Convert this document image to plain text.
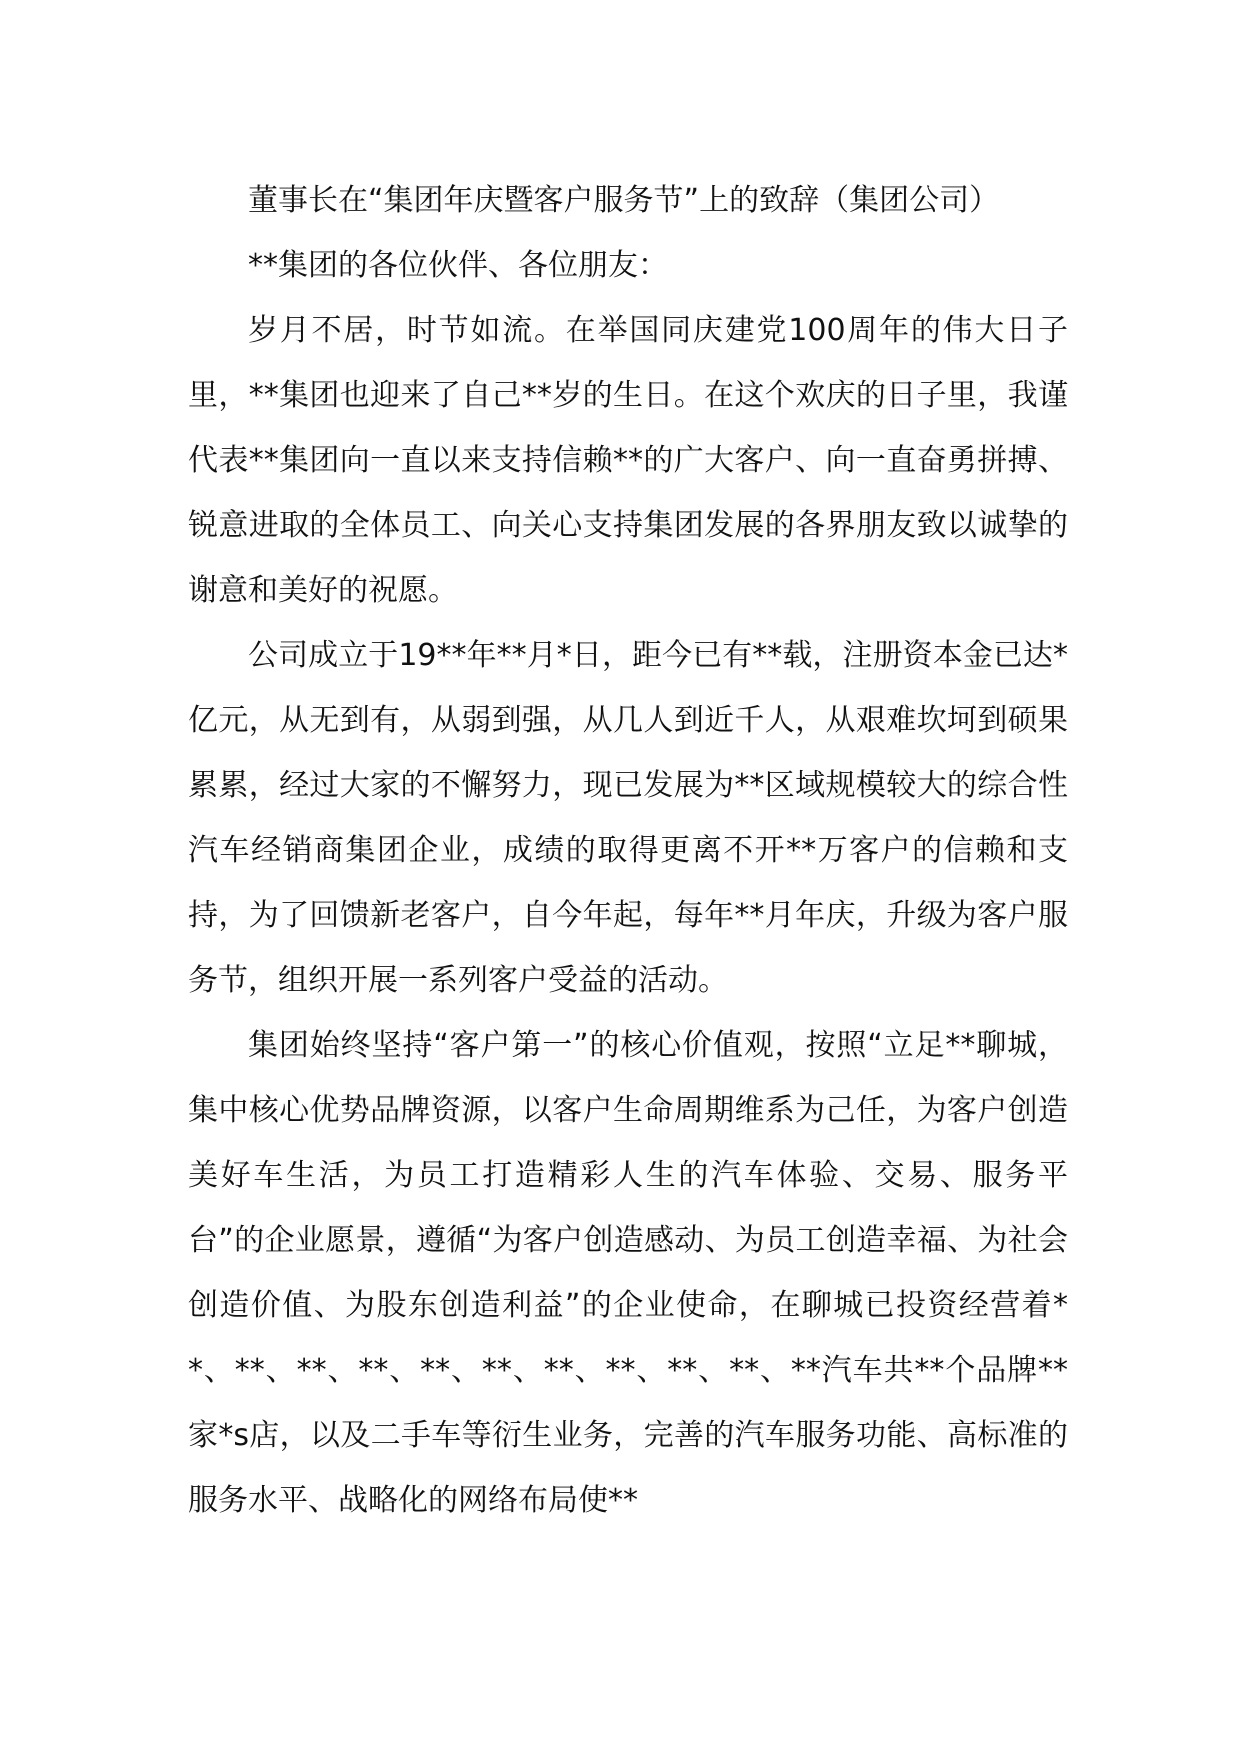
董事长在“集团年庆暨客户服务节”上的致辞（集团公司）

**集团的各位伙伴、各位朋友：

岁月不居，时节如流。在举国同庆建党100周年的伟大日子里，**集团也迎来了自己**岁的生日。在这个欢庆的日子里，我谨代表**集团向一直以来支持信赖**的广大客户、向一直奋勇拼搏、锐意进取的全体员工、向关心支持集团发展的各界朋友致以诚挚的谢意和美好的祝愿。

公司成立于19**年**月*日，距今已有**载，注册资本金已达*亿元，从无到有，从弱到强，从几人到近千人，从艰难坎坷到硕果累累，经过大家的不懈努力，现已发展为**区域规模较大的综合性汽车经销商集团企业，成绩的取得更离不开**万客户的信赖和支持，为了回馈新老客户，自今年起，每年**月年庆，升级为客户服务节，组织开展一系列客户受益的活动。

集团始终坚持“客户第一”的核心价值观，按照“立足**聊城，集中核心优势品牌资源，以客户生命周期维系为己任，为客户创造美好车生活，为员工打造精彩人生的汽车体验、交易、服务平台”的企业愿景，遵循“为客户创造感动、为员工创造幸福、为社会创造价值、为股东创造利益”的企业使命，在聊城已投资经营着**、**、**、**、**、**、**、**、**、**、**汽车共**个品牌**家*s店，以及二手车等衍生业务，完善的汽车服务功能、高标准的服务水平、战略化的网络布局使**
